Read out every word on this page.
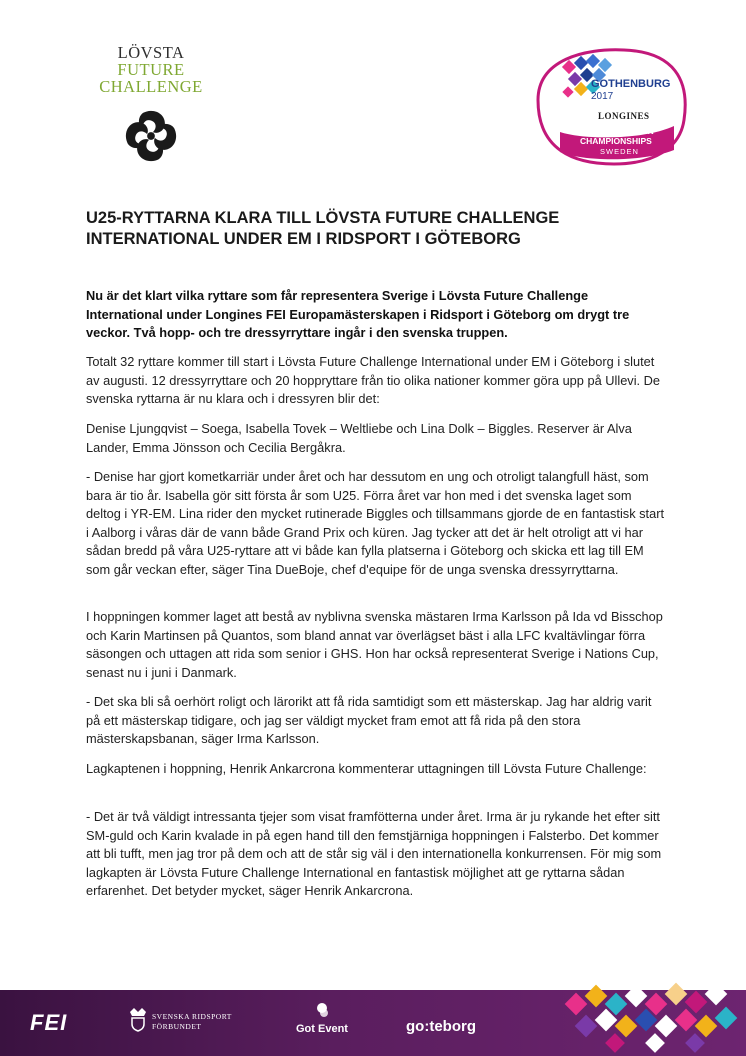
LÖVSTA
FUTURE
CHALLENGE	GOTHENBURG
2017
LONGINES
FEI EUROPEAN
CHAMPIONSHIPS
SWEDEN
U25-RYTTARNA KLARA TILL LÖVSTA FUTURE CHALLENGE
INTERNATIONAL UNDER EM I RIDSPORT I GÖTEBORG

Nu är det klart vilka ryttare som får representera Sverige i Lövsta Future Challenge International under Longines FEI Europamästerskapen i Ridsport i Göteborg om drygt tre veckor. Två hopp- och tre dressyrryttare ingår i den svenska truppen.

Totalt 32 ryttare kommer till start i Lövsta Future Challenge International under EM i Göteborg i slutet av augusti. 12 dressyrryttare och 20 hoppryttare från tio olika nationer kommer göra upp på Ullevi. De svenska ryttarna är nu klara och i dressyren blir det:

Denise Ljungqvist – Soega, Isabella Tovek – Weltliebe och Lina Dolk – Biggles. Reserver är Alva Lander, Emma Jönsson och Cecilia Bergåkra.

- Denise har gjort kometkarriär under året och har dessutom en ung och otroligt talangfull häst, som bara är tio år. Isabella gör sitt första år som U25. Förra året var hon med i det svenska laget som deltog i YR-EM. Lina rider den mycket rutinerade Biggles och tillsammans gjorde de en fantastisk start i Aalborg i våras där de vann både Grand Prix och küren. Jag tycker att det är helt otroligt att vi har sådan bredd på våra U25-ryttare att vi både kan fylla platserna i Göteborg och skicka ett lag till EM som går veckan efter, säger Tina DueBoje, chef d'equipe för de unga svenska dressyrryttarna.

I hoppningen kommer laget att bestå av nyblivna svenska mästaren Irma Karlsson på Ida vd Bisschop och Karin Martinsen på Quantos, som bland annat var överlägset bäst i alla LFC kvaltävlingar förra säsongen och uttagen att rida som senior i GHS. Hon har också representerat Sverige i Nations Cup, senast nu i juni i Danmark.

- Det ska bli så oerhört roligt och lärorikt att få rida samtidigt som ett mästerskap. Jag har aldrig varit på ett mästerskap tidigare, och jag ser väldigt mycket fram emot att få rida på den stora mästerskapsbanan, säger Irma Karlsson.

Lagkaptenen i hoppning, Henrik Ankarcrona kommenterar uttagningen till Lövsta Future Challenge:

- Det är två väldigt intressanta tjejer som visat framfötterna under året. Irma är ju rykande het efter sitt SM-guld och Karin kvalade in på egen hand till den femstjärniga hoppningen i Falsterbo. Det kommer att bli tufft, men jag tror på dem och att de står sig väl i den internationella konkurrensen. För mig som lagkapten är Lövsta Future Challenge International en fantastisk möjlighet att ge ryttarna sådan erfarenhet. Det betyder mycket, säger Henrik Ankarcrona.

FEI	SVENSKA RIDSPORT
FÖRBUNDET	Got Event	go:teborg
